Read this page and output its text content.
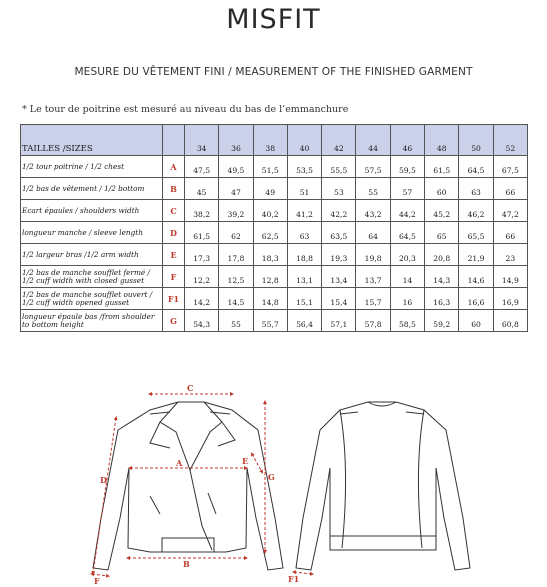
MISFIT
MESURE DU VÊTEMENT FINI / MEASUREMENT OF THE FINISHED GARMENT
* Le tour de poitrine est mesuré au niveau du bas de l’emmanchure
TAILLES /SIZES		34	36	38	40	42	44	46	48	50	52
1/2 tour poitrine / 1/2 chest	A	47,5	49,5	51,5	53,5	55,5	57,5	59,5	61,5	64,5	67,5
1/2 bas de vêtement / 1/2 bottom	B	45	47	49	51	53	55	57	60	63	66
Ecart épaules / shoulders width	C	38,2	39,2	40,2	41,2	42,2	43,2	44,2	45,2	46,2	47,2
longueur manche / sleeve length	D	61,5	62	62,5	63	63,5	64	64,5	65	65,5	66
1/2 largeur bras /1/2 arm width	E	17,3	17,8	18,3	18,8	19,3	19,8	20,3	20,8	21,9	23
1/2 bas de manche soufflet fermé / 1/2 cuff width with closed gusset	F	12,2	12,5	12,8	13,1	13,4	13,7	14	14,3	14,6	14,9
1/2 bas de manche soufflet ouvert / 1/2 cuff width opened gusset	F1	14,2	14,5	14,8	15,1	15,4	15,7	16	16,3	16,6	16,9
longueur épaule bas /from shoulder to bottom height	G	54,3	55	55,7	56,4	57,1	57,8	58,5	59,2	60	60,8
C
A
B
D
E
G
F	F1
